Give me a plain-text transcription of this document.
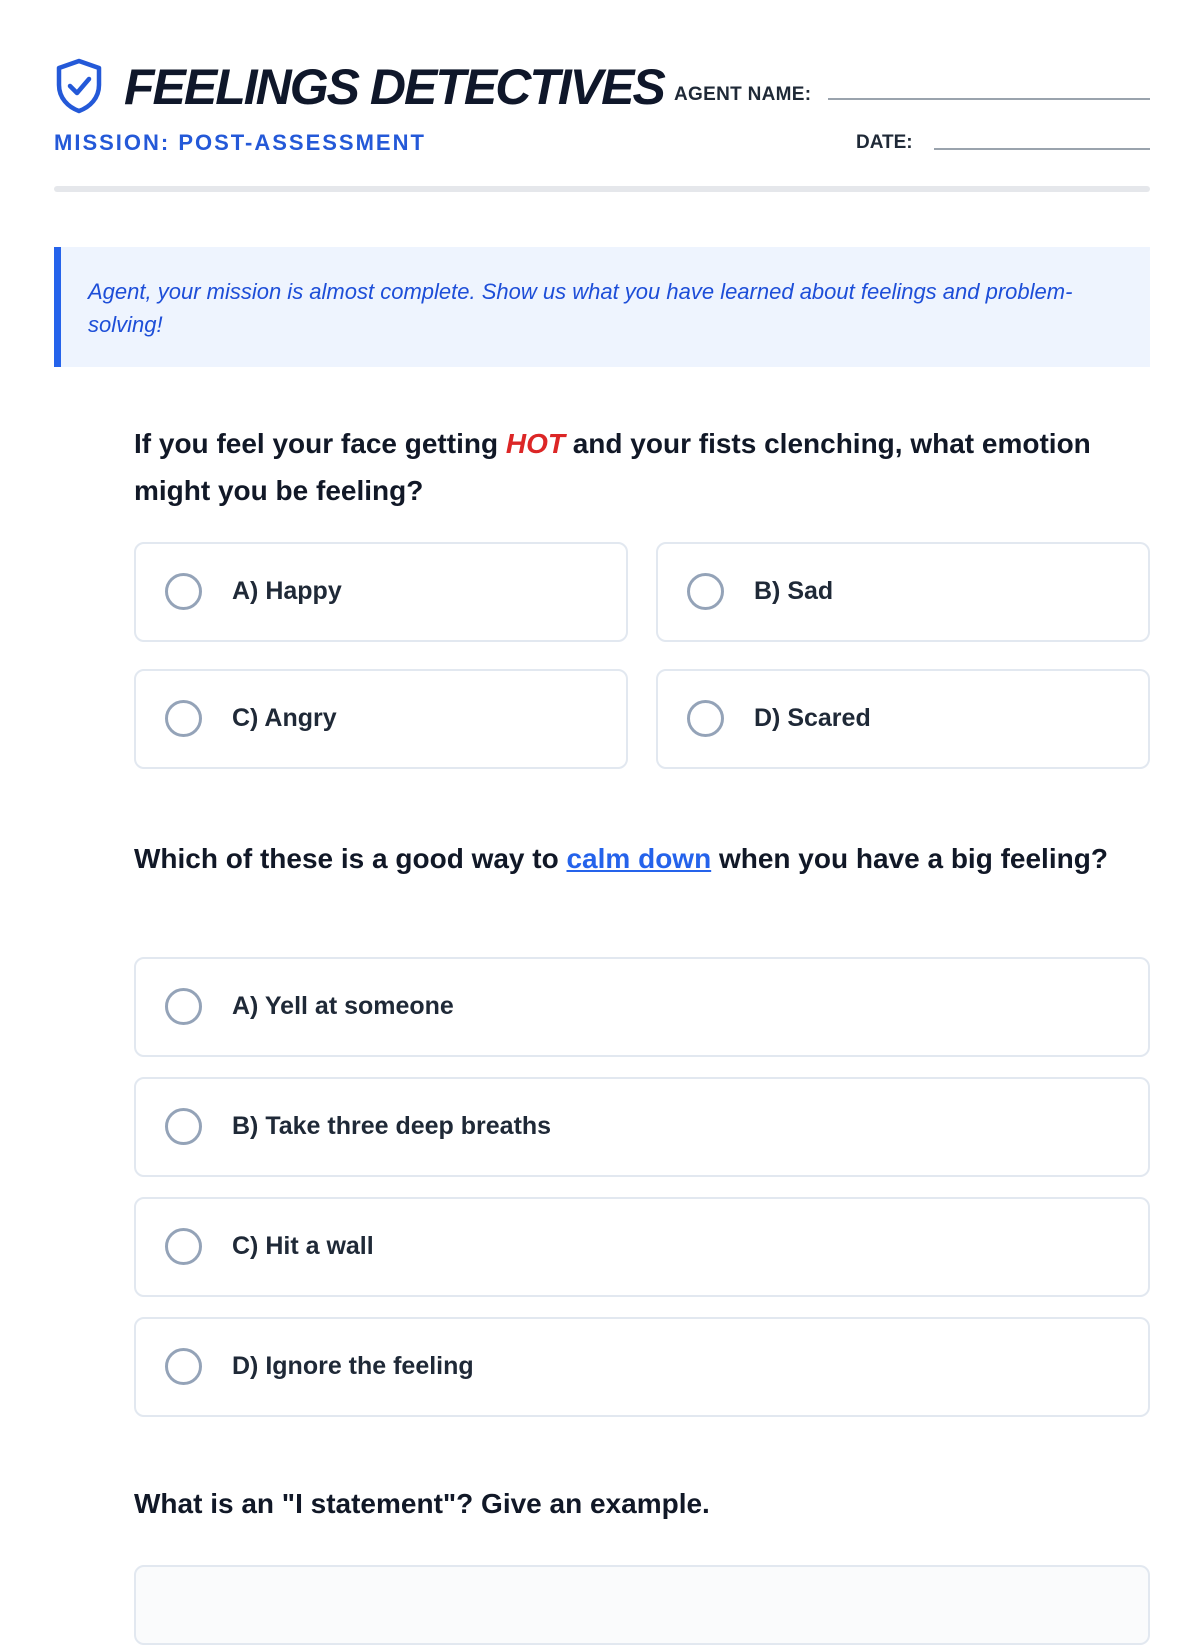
FEELINGS DETECTIVES AGENT NAME:
MISSION: POST-ASSESSMENT	DATE:
Agent, your mission is almost complete. Show us what you have learned about feelings and problem-solving!
If you feel your face getting HOT and your fists clenching, what emotion might you be feeling?
A) Happy	B) Sad
C) Angry	D) Scared
Which of these is a good way to calm down when you have a big feeling?
A) Yell at someone
B) Take three deep breaths
C) Hit a wall
D) Ignore the feeling
What is an "I statement"? Give an example.
